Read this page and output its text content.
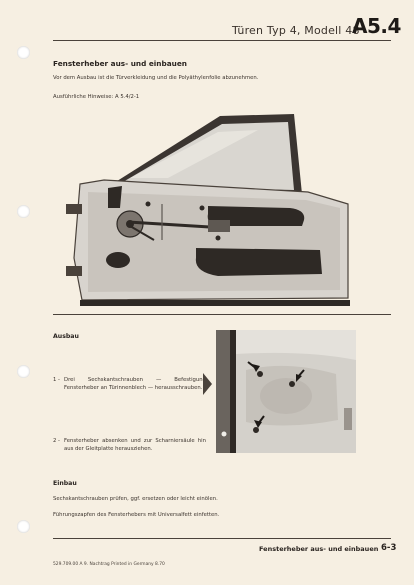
Türen Typ 4, Modell 48
A5.4
Fensterheber aus- und einbauen
Vor dem Ausbau ist die Türverkleidung und die Polyäthylenfolie abzunehmen.
Ausführliche Hinweise: A 5.4/2-1
Ausbau
1 - Drei Sechskantschrauben — Befestigung Fensterheber an Türinnenblech — herausschrauben.
2 - Fensterheber absenken und zur Scharniersäule hin aus der Gleitplatte herausziehen.
Einbau
Sechskantschrauben prüfen, ggf. ersetzen oder leicht einölen.
Führungszapfen des Fensterhebers mit Universalfett einfetten.
Fensterheber aus- und einbauen 6-3
529.709.00 A 9. Nachtrag Printed in Germany 8.70
